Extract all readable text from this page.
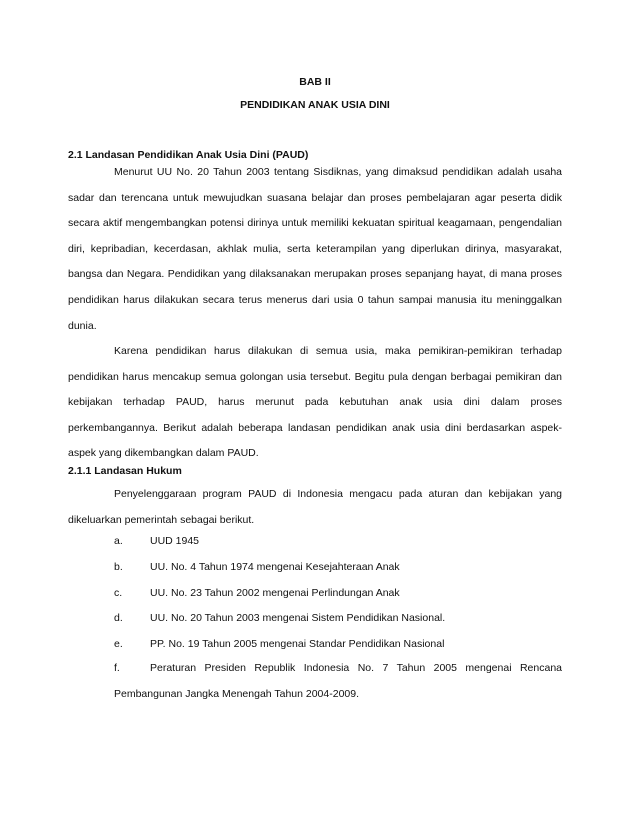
BAB II
PENDIDIKAN ANAK USIA DINI
2.1 Landasan Pendidikan Anak Usia Dini (PAUD)

Menurut UU No. 20 Tahun 2003 tentang Sisdiknas, yang dimaksud pendidikan adalah usaha sadar dan terencana untuk mewujudkan suasana belajar dan proses pembelajaran agar peserta didik secara aktif mengembangkan potensi dirinya untuk memiliki kekuatan spiritual keagamaan, pengendalian diri, kepribadian, kecerdasan, akhlak mulia, serta keterampilan yang diperlukan dirinya, masyarakat, bangsa dan Negara. Pendidikan yang dilaksanakan merupakan proses sepanjang hayat, di mana proses pendidikan harus dilakukan secara terus menerus dari usia 0 tahun sampai manusia itu meninggalkan dunia.

Karena pendidikan harus dilakukan di semua usia, maka pemikiran-pemikiran terhadap pendidikan harus mencakup semua golongan usia tersebut. Begitu pula dengan berbagai pemikiran dan kebijakan terhadap PAUD, harus merunut pada kebutuhan anak usia dini dalam proses perkembangannya. Berikut adalah beberapa landasan pendidikan anak usia dini berdasarkan aspek-aspek yang dikembangkan dalam PAUD.

2.1.1 Landasan Hukum

Penyelenggaraan program PAUD di Indonesia mengacu pada aturan dan kebijakan yang dikeluarkan pemerintah sebagai berikut.

a.	UUD 1945
b.	UU. No. 4 Tahun 1974 mengenai Kesejahteraan Anak
c.	UU. No. 23 Tahun 2002 mengenai Perlindungan Anak
d.	UU. No. 20 Tahun 2003 mengenai Sistem Pendidikan Nasional.
e.	PP. No. 19 Tahun 2005 mengenai Standar Pendidikan Nasional
f.	Peraturan Presiden Republik Indonesia No. 7 Tahun 2005 mengenai Rencana Pembangunan Jangka Menengah Tahun 2004-2009.
